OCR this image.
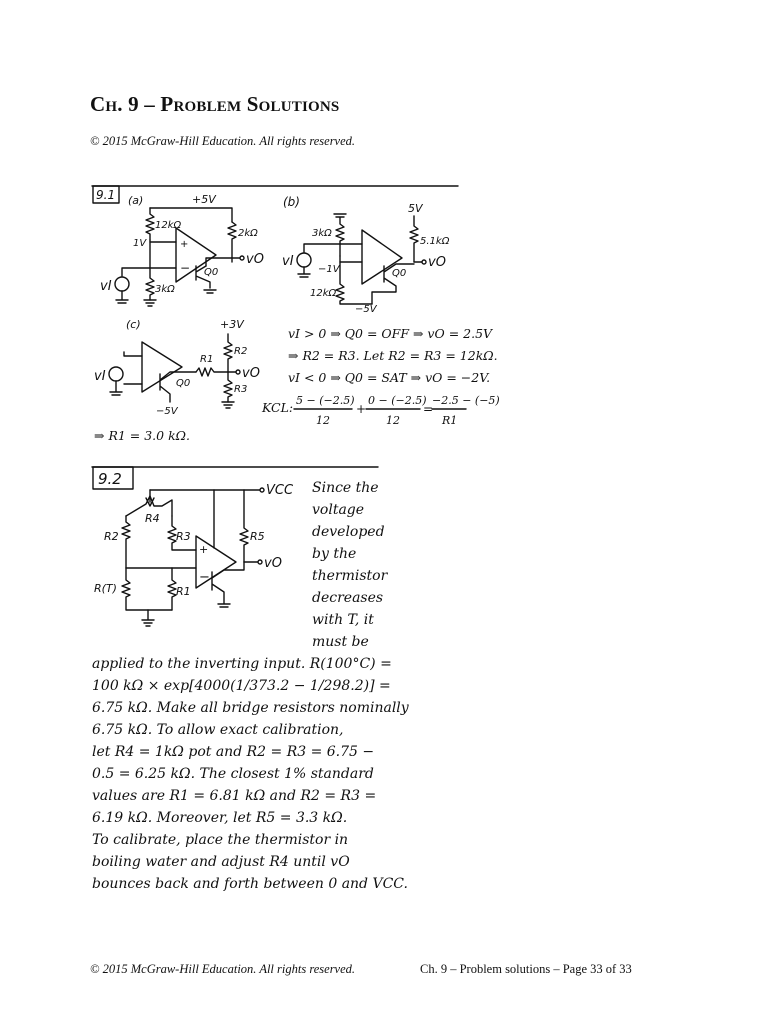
Ch. 9 – Problem Solutions
© 2015 McGraw-Hill Education. All rights reserved.
9.1 (a)	+5V
12kΩ
2kΩ
1V
3kΩ
+
−
vI
Q0
vO
(b)	5V
5.1kΩ
3kΩ
−1V
12kΩ
−5V
vI
Q0
vO
(c)
vI	Q0
−5V
R1
+3V
R2
R3
vO
vI > 0 ⇒ Q0 = OFF ⇒ vO = 2.5V
⇒ R2 = R3. Let R2 = R3 = 12kΩ.
vI < 0 ⇒ Q0 = SAT ⇒ vO = −2V.
KCL: 5 − (−2.5)
12
+
0 − (−2.5)
12
=
−2.5 − (−5)
R1
⇒ R1 = 3.0 kΩ.
9.2
VCC
R4
R2	R3
R(T)	R1
+
−
R5
vO
Since the
voltage
developed
by the
thermistor
decreases
with T, it
must be
applied to the inverting input. R(100°C) =
100 kΩ × exp[4000(1/373.2 − 1/298.2)] =
6.75 kΩ. Make all bridge resistors nominally
6.75 kΩ. To allow exact calibration,
let R4 = 1kΩ pot and R2 = R3 = 6.75 −
0.5 = 6.25 kΩ. The closest 1% standard
values are R1 = 6.81 kΩ and R2 = R3 =
6.19 kΩ. Moreover, let R5 = 3.3 kΩ.
To calibrate, place the thermistor in
boiling water and adjust R4 until vO
bounces back and forth between 0 and VCC.
© 2015 McGraw-Hill Education. All rights reserved.	Ch. 9 – Problem solutions – Page 33 of 33
